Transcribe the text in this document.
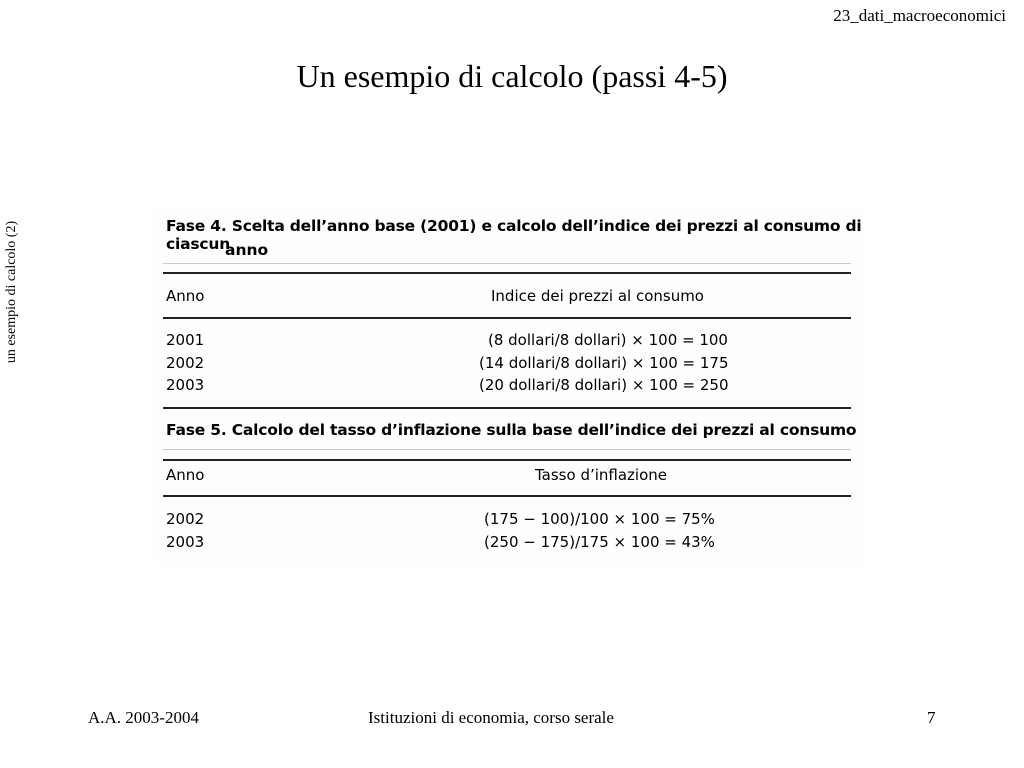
23_dati_macroeconomici
Un esempio di calcolo (passi 4-5)
un esempio di calcolo (2)	Fase 4. Scelta dell’anno base (2001) e calcolo dell’indice dei prezzi al consumo di ciascun
anno
Anno	Indice dei prezzi al consumo
2001	(8 dollari/8 dollari) × 100 = 100
2002	(14 dollari/8 dollari) × 100 = 175
2003	(20 dollari/8 dollari) × 100 = 250
Fase 5. Calcolo del tasso d’inflazione sulla base dell’indice dei prezzi al consumo
Anno	Tasso d’inflazione
2002	(175 − 100)/100 × 100 = 75%
2003	(250 − 175)/175 × 100 = 43%
A.A. 2003-2004	Istituzioni di economia, corso serale	7
